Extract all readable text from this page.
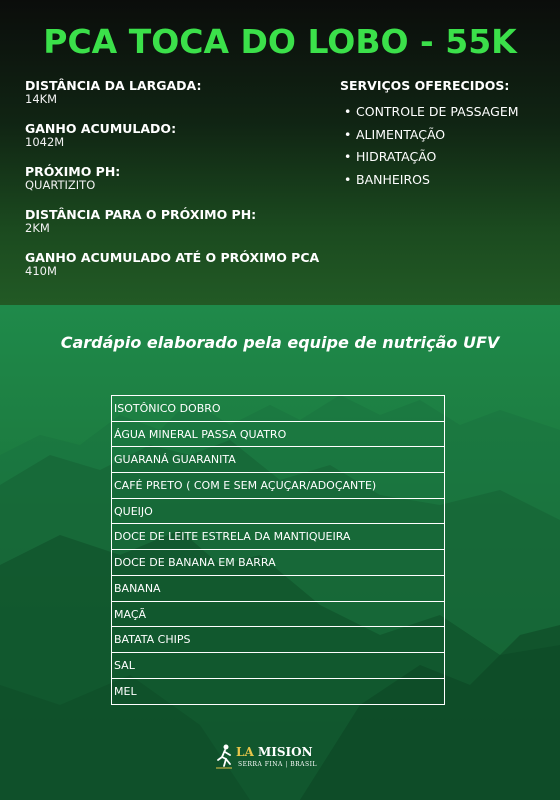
PCA TOCA DO LOBO - 55K
DISTÂNCIA DA LARGADA:
14KM
GANHO ACUMULADO:
1042M
PRÓXIMO PH:
QUARTIZITO
DISTÂNCIA PARA O PRÓXIMO PH:
2KM
GANHO ACUMULADO ATÉ O PRÓXIMO PCA
410M
SERVIÇOS OFERECIDOS:
• CONTROLE DE PASSAGEM
• ALIMENTAÇÃO
• HIDRATAÇÃO
• BANHEIROS
Cardápio elaborado pela equipe de nutrição UFV
ISOTÔNICO DOBRO
ÁGUA MINERAL PASSA QUATRO
GUARANÁ GUARANITA
CAFÉ PRETO ( COM E SEM AÇUÇAR/ADOÇANTE)
QUEIJO
DOCE DE LEITE ESTRELA DA MANTIQUEIRA
DOCE DE BANANA EM BARRA
BANANA
MAÇÃ
BATATA CHIPS
SAL
MEL
LA MISION
SERRA FINA | BRASIL
